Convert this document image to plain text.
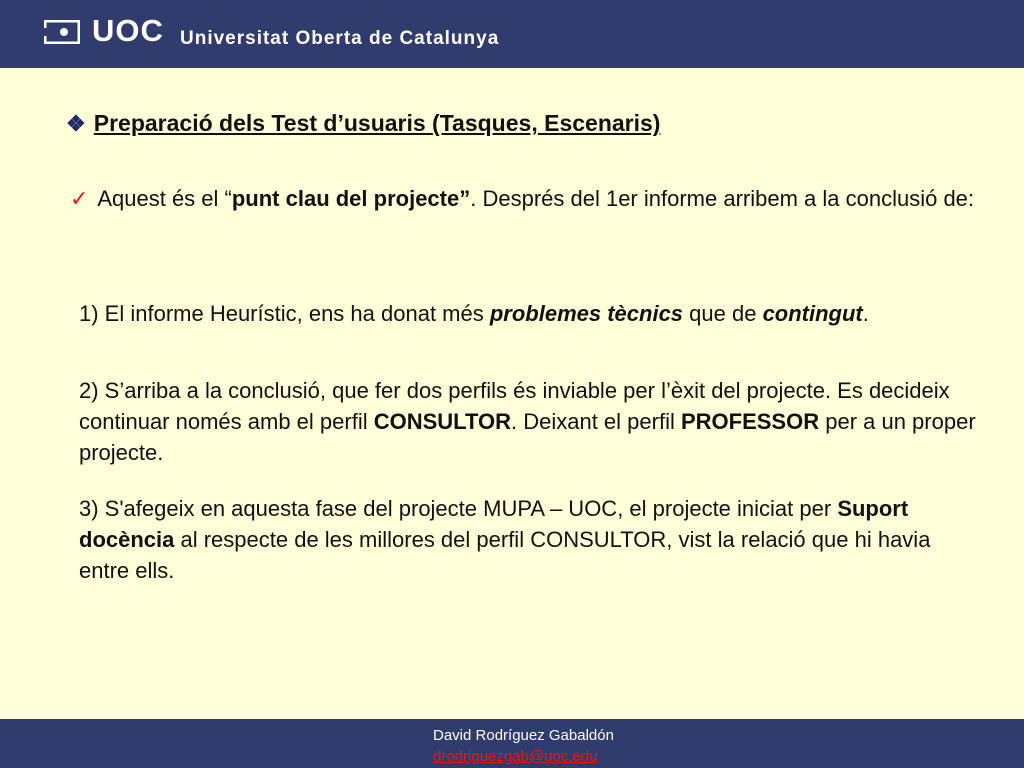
UOC Universitat Oberta de Catalunya
❖ Preparació dels Test d’usuaris (Tasques, Escenaris)
✓ Aquest és el “punt clau del projecte”. Després del 1er informe arribem a la conclusió de:
1) El informe Heurístic, ens ha donat més problemes tècnics que de contingut.
2) S’arriba a la conclusió, que fer dos perfils és inviable per l’èxit del projecte. Es decideix continuar només amb el perfil CONSULTOR. Deixant el perfil PROFESSOR per a un proper projecte.
3) S'afegeix en aquesta fase del projecte MUPA – UOC, el projecte iniciat per Suport docència al respecte de les millores del perfil CONSULTOR, vist la relació que hi havia entre ells.
David Rodríguez Gabaldón
drodriguezgab@uoc.edu
